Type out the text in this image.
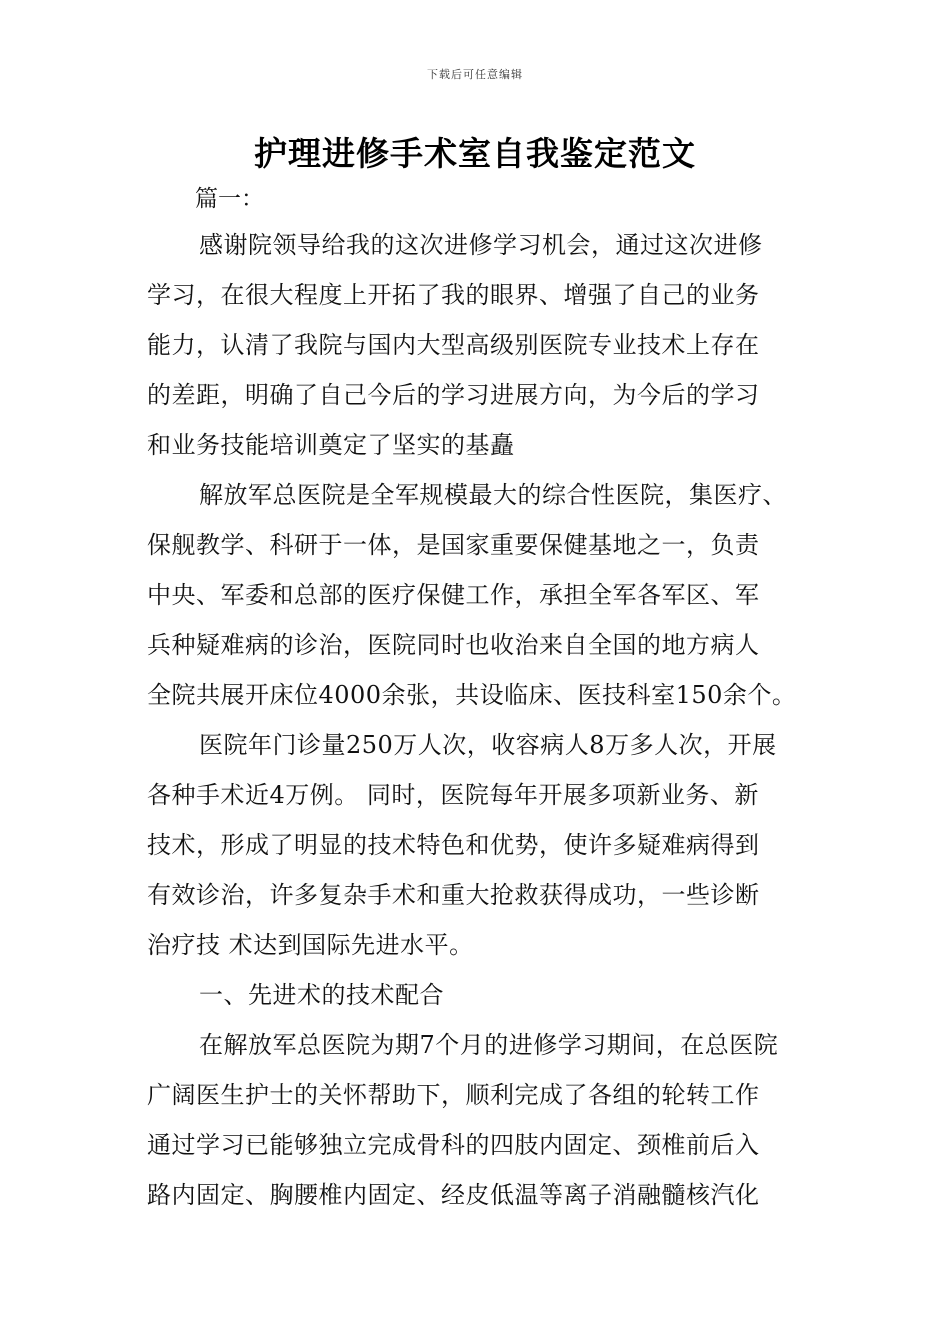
下载后可任意编辑
护理进修手术室自我鉴定范文
篇一：
感谢院领导给我的这次进修学习机会，通过这次进修
学习，在很大程度上开拓了我的眼界、增强了自己的业务
能力，认清了我院与国内大型高级别医院专业技术上存在
的差距，明确了自己今后的学习进展方向，为今后的学习
和业务技能培训奠定了坚实的基矗
解放军总医院是全军规模最大的综合性医院，集医疗、
保舰教学、科研于一体，是国家重要保健基地之一，负责
中央、军委和总部的医疗保健工作，承担全军各军区、军
兵种疑难病的诊治，医院同时也收治来自全国的地方病人
全院共展开床位4000余张，共设临床、医技科室150余个。
医院年门诊量250万人次，收容病人8万多人次，开展
各种手术近4万例。 同时，医院每年开展多项新业务、新
技术，形成了明显的技术特色和优势，使许多疑难病得到
有效诊治，许多复杂手术和重大抢救获得成功，一些诊断
治疗技 术达到国际先进水平。
一、先进术的技术配合
在解放军总医院为期7个月的进修学习期间，在总医院
广阔医生护士的关怀帮助下，顺利完成了各组的轮转工作
通过学习已能够独立完成骨科的四肢内固定、颈椎前后入
路内固定、胸腰椎内固定、经皮低温等离子消融髓核汽化
